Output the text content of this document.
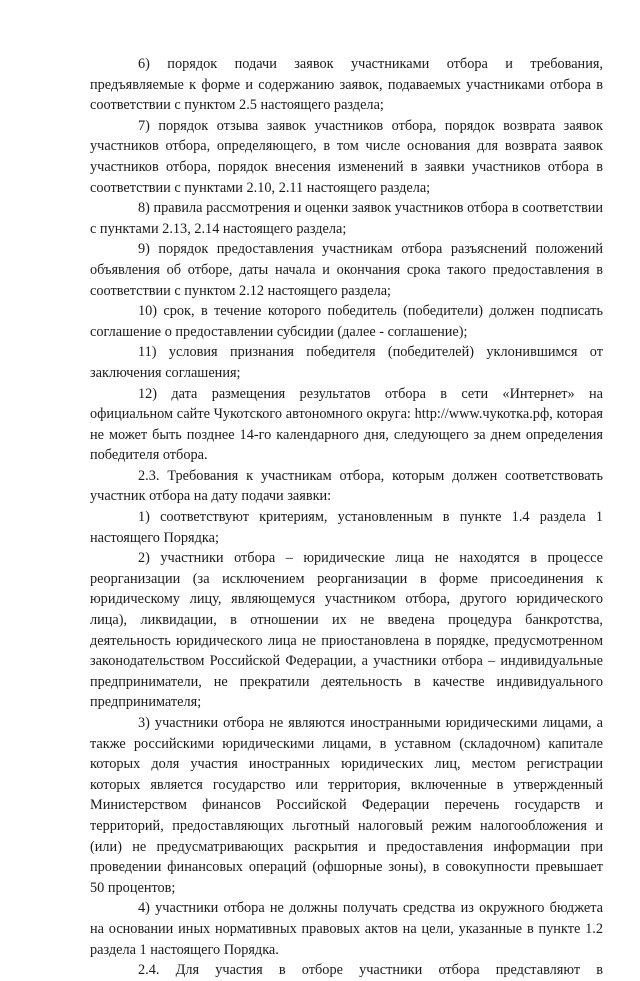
6) порядок подачи заявок участниками отбора и требования, предъявляемые к форме и содержанию заявок, подаваемых участниками отбора в соответствии с пунктом 2.5 настоящего раздела;

7) порядок отзыва заявок участников отбора, порядок возврата заявок участников отбора, определяющего, в том числе основания для возврата заявок участников отбора, порядок внесения изменений в заявки участников отбора в соответствии с пунктами 2.10, 2.11 настоящего раздела;

8) правила рассмотрения и оценки заявок участников отбора в соответствии с пунктами 2.13, 2.14 настоящего раздела;

9) порядок предоставления участникам отбора разъяснений положений объявления об отборе, даты начала и окончания срока такого предоставления в соответствии с пунктом 2.12 настоящего раздела;

10) срок, в течение которого победитель (победители) должен подписать соглашение о предоставлении субсидии (далее - соглашение);

11) условия признания победителя (победителей) уклонившимся от заключения соглашения;

12) дата размещения результатов отбора в сети «Интернет» на официальном сайте Чукотского автономного округа: http://www.чукотка.рф, которая не может быть позднее 14-го календарного дня, следующего за днем определения победителя отбора.

2.3. Требования к участникам отбора, которым должен соответствовать участник отбора на дату подачи заявки:

1) соответствуют критериям, установленным в пункте 1.4 раздела 1 настоящего Порядка;

2) участники отбора – юридические лица не находятся в процессе реорганизации (за исключением реорганизации в форме присоединения к юридическому лицу, являющемуся участником отбора, другого юридического лица), ликвидации, в отношении их не введена процедура банкротства, деятельность юридического лица не приостановлена в порядке, предусмотренном законодательством Российской Федерации, а участники отбора – индивидуальные предприниматели, не прекратили деятельность в качестве индивидуального предпринимателя;

3) участники отбора не являются иностранными юридическими лицами, а также российскими юридическими лицами, в уставном (складочном) капитале которых доля участия иностранных юридических лиц, местом регистрации которых является государство или территория, включенные в утвержденный Министерством финансов Российской Федерации перечень государств и территорий, предоставляющих льготный налоговый режим налогообложения и (или) не предусматривающих раскрытия и предоставления информации при проведении финансовых операций (офшорные зоны), в совокупности превышает 50 процентов;

4) участники отбора не должны получать средства из окружного бюджета на основании иных нормативных правовых актов на цели, указанные в пункте 1.2 раздела 1 настоящего Порядка.

2.4. Для участия в отборе участники отбора представляют в
